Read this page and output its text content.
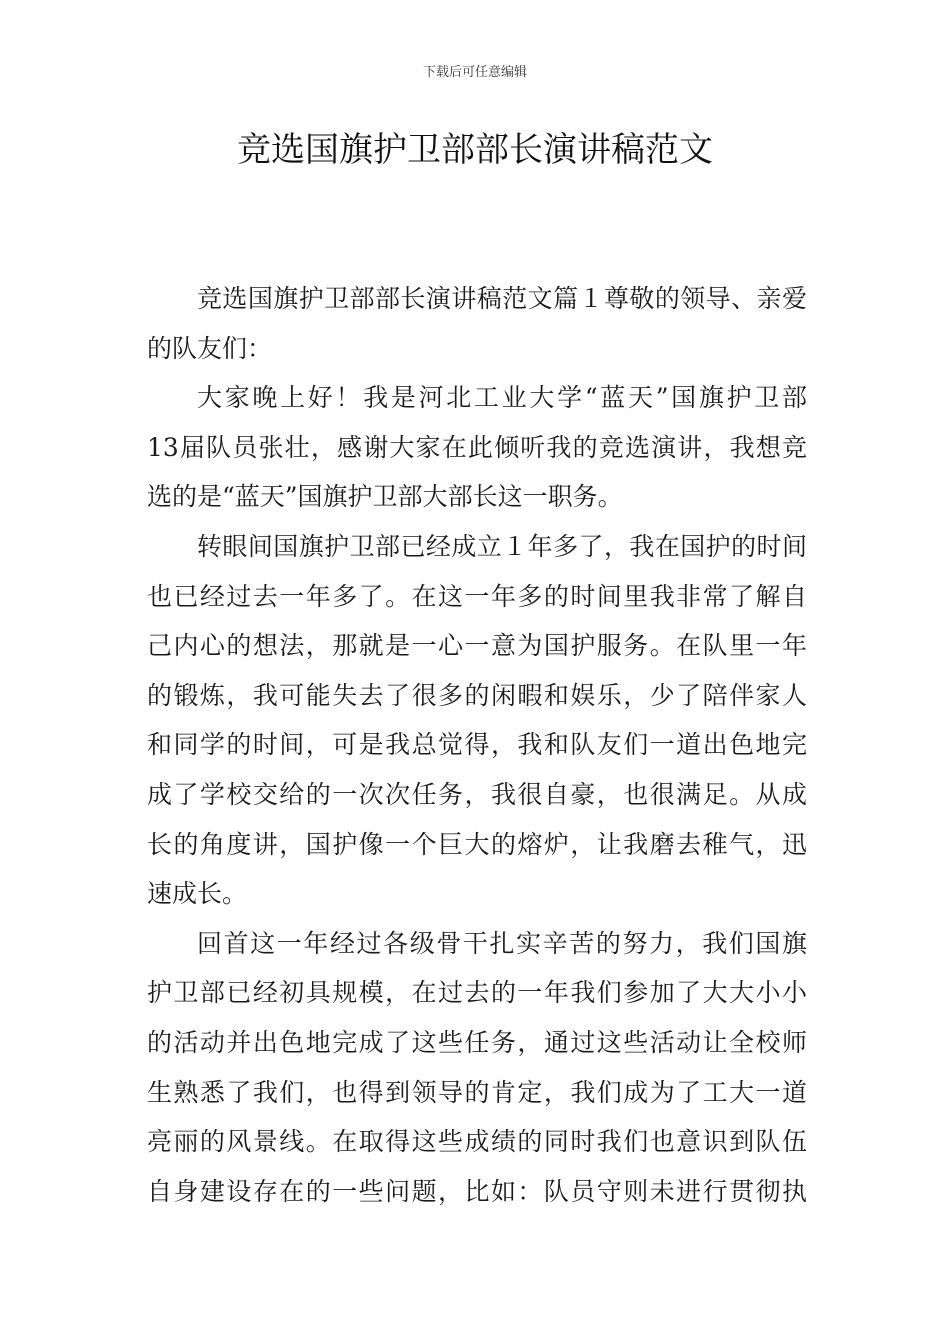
下载后可任意编辑
竞选国旗护卫部部长演讲稿范文
竞选国旗护卫部部长演讲稿范文篇１尊敬的领导、亲爱
的队友们：
大家晚上好！我是河北工业大学“蓝天”国旗护卫部
13届队员张壮，感谢大家在此倾听我的竞选演讲，我想竞
选的是“蓝天”国旗护卫部大部长这一职务。
转眼间国旗护卫部已经成立１年多了，我在国护的时间
也已经过去一年多了。在这一年多的时间里我非常了解自
己内心的想法，那就是一心一意为国护服务。在队里一年
的锻炼，我可能失去了很多的闲暇和娱乐，少了陪伴家人
和同学的时间，可是我总觉得，我和队友们一道出色地完
成了学校交给的一次次任务，我很自豪，也很满足。从成
长的角度讲，国护像一个巨大的熔炉，让我磨去稚气，迅
速成长。
回首这一年经过各级骨干扎实辛苦的努力，我们国旗
护卫部已经初具规模，在过去的一年我们参加了大大小小
的活动并出色地完成了这些任务，通过这些活动让全校师
生熟悉了我们，也得到领导的肯定，我们成为了工大一道
亮丽的风景线。在取得这些成绩的同时我们也意识到队伍
自身建设存在的一些问题，比如：队员守则未进行贯彻执
